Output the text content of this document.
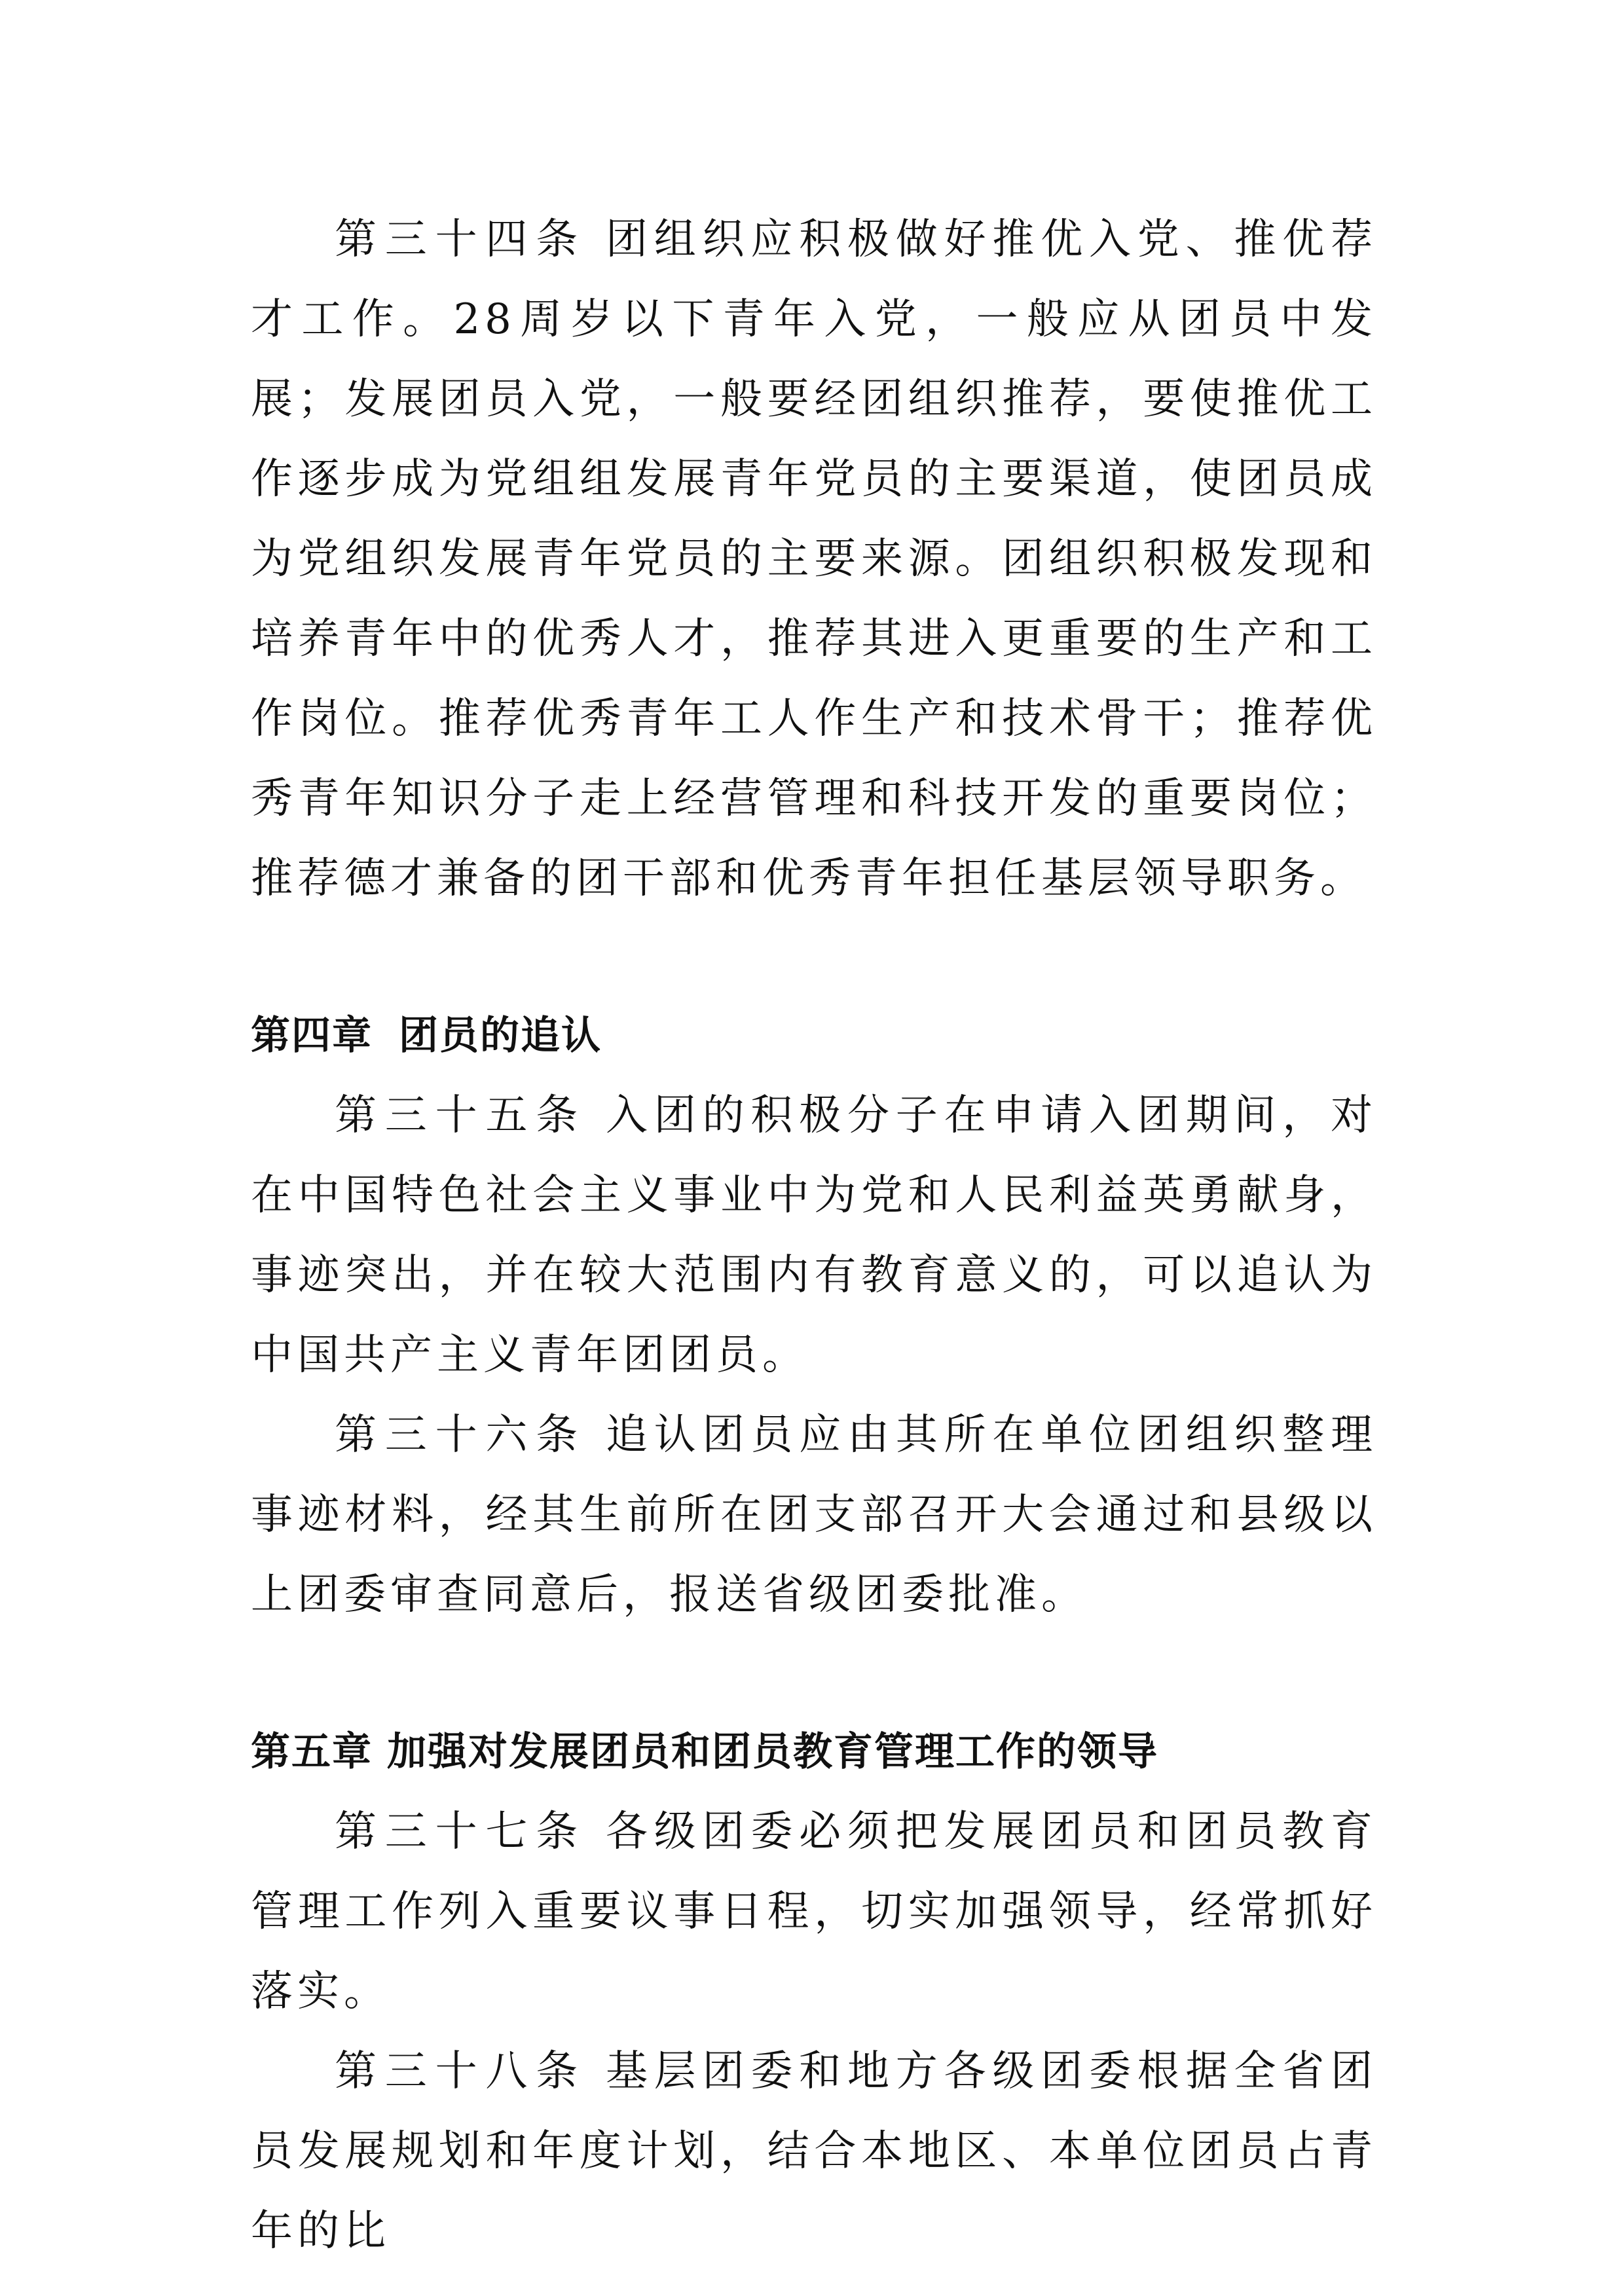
第三十四条 团组织应积极做好推优入党、推优荐才工作。28周岁以下青年入党，一般应从团员中发展；发展团员入党，一般要经团组织推荐，要使推优工作逐步成为党组组发展青年党员的主要渠道，使团员成为党组织发展青年党员的主要来源。团组织积极发现和培养青年中的优秀人才，推荐其进入更重要的生产和工作岗位。推荐优秀青年工人作生产和技术骨干；推荐优秀青年知识分子走上经营管理和科技开发的重要岗位；推荐德才兼备的团干部和优秀青年担任基层领导职务。

第四章 团员的追认

第三十五条 入团的积极分子在申请入团期间，对在中国特色社会主义事业中为党和人民利益英勇献身，事迹突出，并在较大范围内有教育意义的，可以追认为中国共产主义青年团团员。

第三十六条 追认团员应由其所在单位团组织整理事迹材料，经其生前所在团支部召开大会通过和县级以上团委审查同意后，报送省级团委批准。

第五章 加强对发展团员和团员教育管理工作的领导

第三十七条 各级团委必须把发展团员和团员教育管理工作列入重要议事日程，切实加强领导，经常抓好落实。

第三十八条 基层团委和地方各级团委根据全省团员发展规划和年度计划，结合本地区、本单位团员占青年的比
